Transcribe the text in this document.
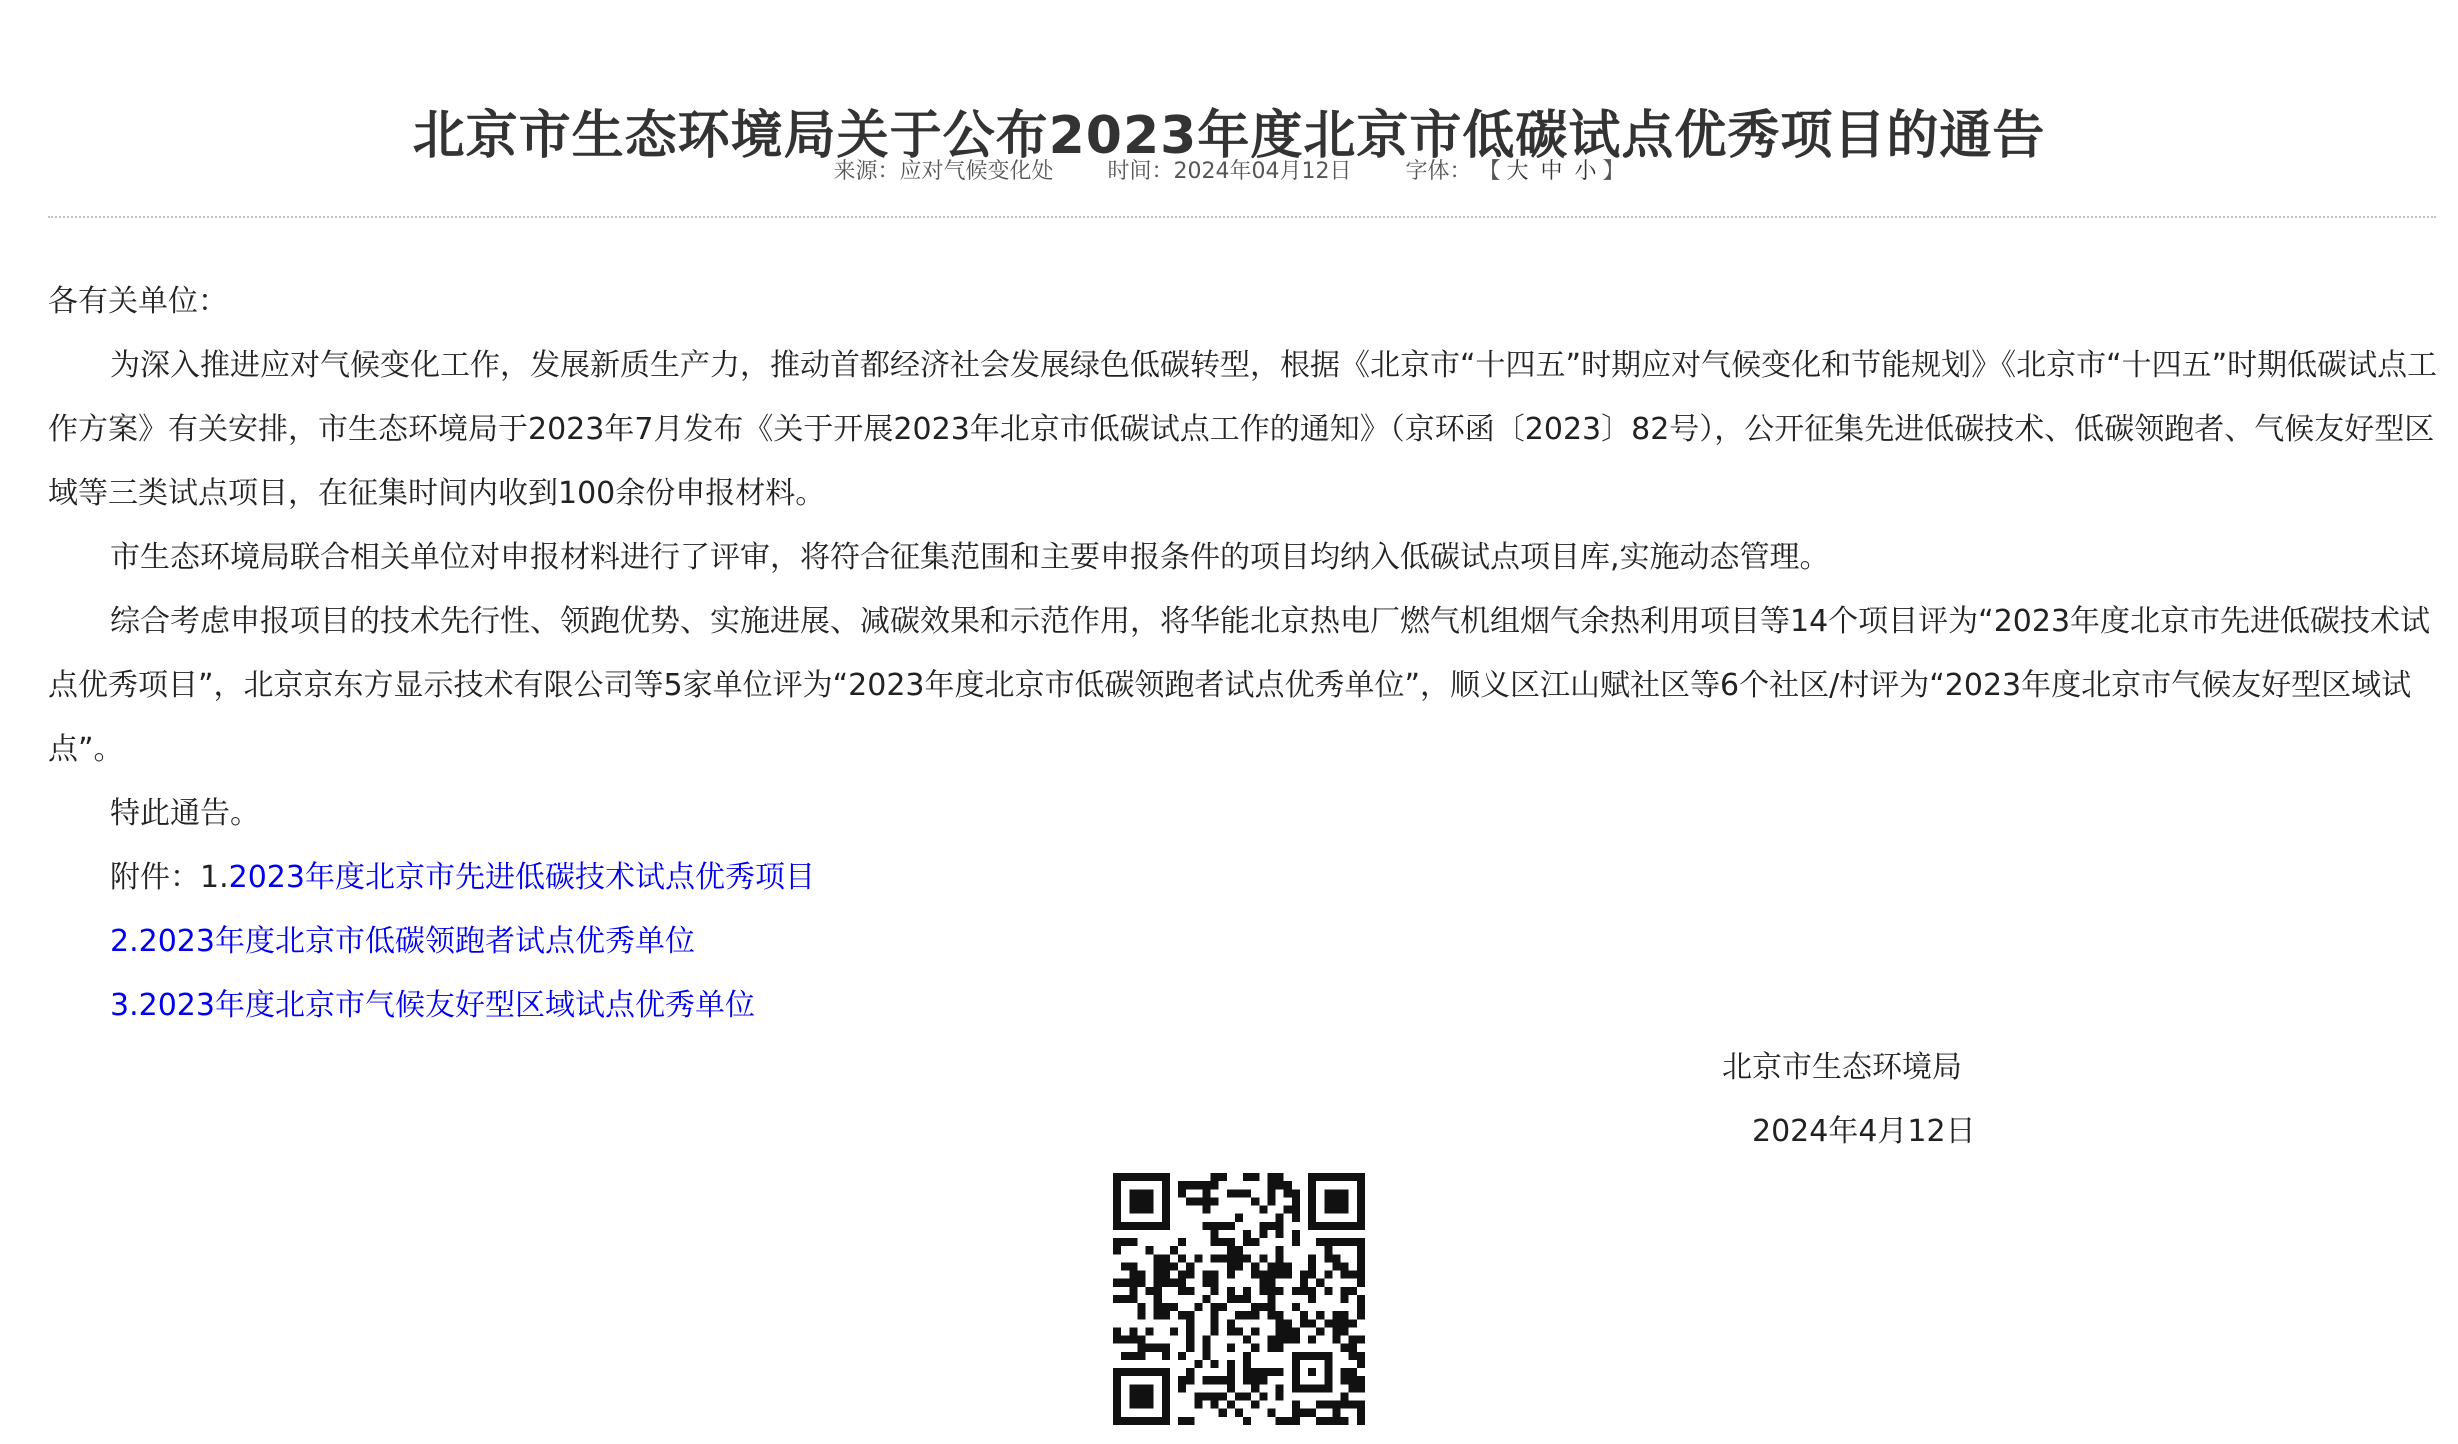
北京市生态环境局关于公布2023年度北京市低碳试点优秀项目的通告
来源：应对气候变化处 时间：2024年04月12日 字体： 【 大 中 小 】

各有关单位：

为深入推进应对气候变化工作，发展新质生产力，推动首都经济社会发展绿色低碳转型，根据《北京市“十四五”时期应对气候变化和节能规划》《北京市“十四五”时期低碳试点工作方案》有关安排，市生态环境局于2023年7月发布《关于开展2023年北京市低碳试点工作的通知》（京环函〔2023〕82号），公开征集先进低碳技术、低碳领跑者、气候友好型区域等三类试点项目，在征集时间内收到100余份申报材料。

市生态环境局联合相关单位对申报材料进行了评审，将符合征集范围和主要申报条件的项目均纳入低碳试点项目库,实施动态管理。

综合考虑申报项目的技术先行性、领跑优势、实施进展、减碳效果和示范作用，将华能北京热电厂燃气机组烟气余热利用项目等14个项目评为“2023年度北京市先进低碳技术试点优秀项目”，北京京东方显示技术有限公司等5家单位评为“2023年度北京市低碳领跑者试点优秀单位”，顺义区江山赋社区等6个社区/村评为“2023年度北京市气候友好型区域试点”。

特此通告。

附件：1.2023年度北京市先进低碳技术试点优秀项目

2.2023年度北京市低碳领跑者试点优秀单位

3.2023年度北京市气候友好型区域试点优秀单位

北京市生态环境局
2024年4月12日
